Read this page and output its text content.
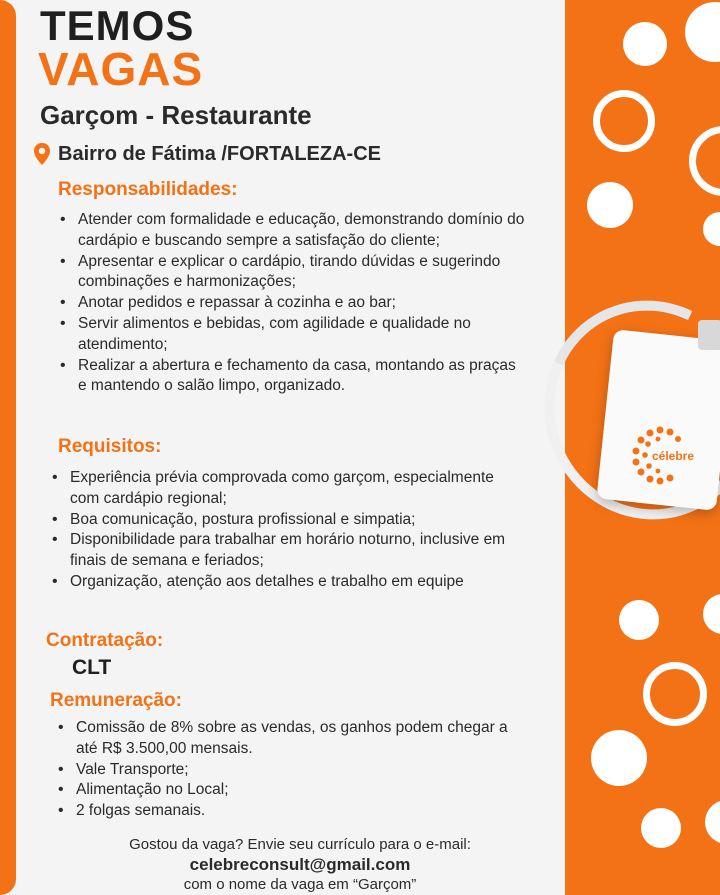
célebre
TEMOS
VAGAS
Garçom - Restaurante
Bairro de Fátima /FORTALEZA-CE
Responsabilidades:
• Atender com formalidade e educação, demonstrando domínio do cardápio e buscando sempre a satisfação do cliente;
• Apresentar e explicar o cardápio, tirando dúvidas e sugerindo combinações e harmonizações;
• Anotar pedidos e repassar à cozinha e ao bar;
• Servir alimentos e bebidas, com agilidade e qualidade no atendimento;
• Realizar a abertura e fechamento da casa, montando as praças e mantendo o salão limpo, organizado.
Requisitos:
• Experiência prévia comprovada como garçom, especialmente com cardápio regional;
• Boa comunicação, postura profissional e simpatia;
• Disponibilidade para trabalhar em horário noturno, inclusive em finais de semana e feriados;
• Organização, atenção aos detalhes e trabalho em equipe
Contratação:
CLT
Remuneração:
• Comissão de 8% sobre as vendas, os ganhos podem chegar a até R$ 3.500,00 mensais.
• Vale Transporte;
• Alimentação no Local;
• 2 folgas semanais.
Gostou da vaga? Envie seu currículo para o e-mail:
celebreconsult@gmail.com
com o nome da vaga em “Garçom”
